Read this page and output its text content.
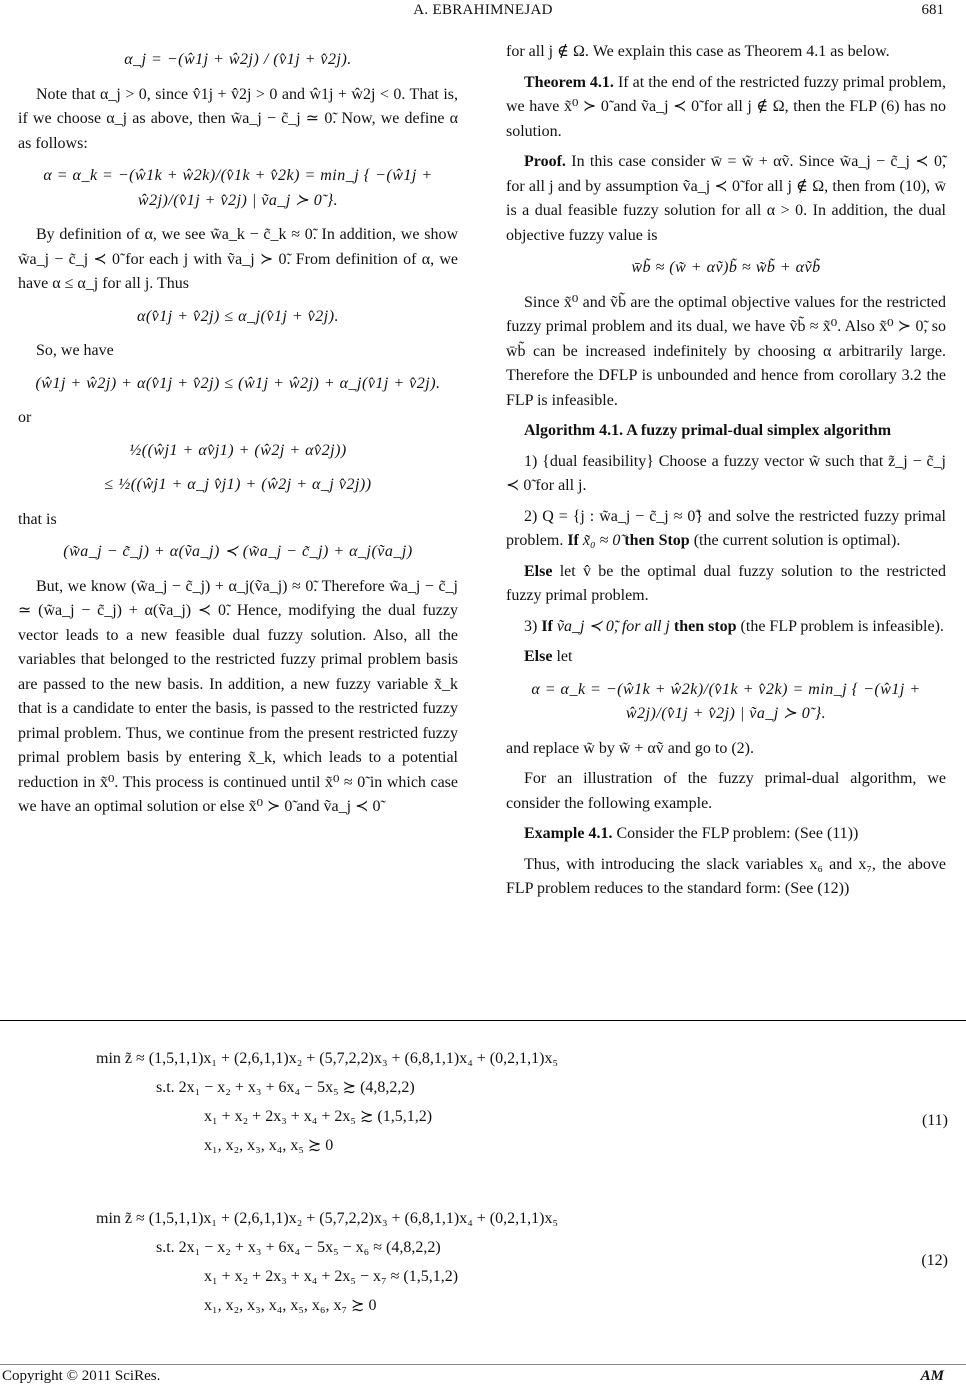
A. EBRAHIMNEJAD	681
α_j = −(ŵ1j + ŵ2j) / (v̂1j + v̂2j).

Note that α_j > 0, since v̂1j + v̂2j > 0 and ŵ1j + ŵ2j < 0. That is, if we choose α_j as above, then w̃a_j − c̃_j ≃ 0̃. Now, we define α as follows:

α = α_k = −(ŵ1k + ŵ2k)/(v̂1k + v̂2k) = min_j { −(ŵ1j + ŵ2j)/(v̂1j + v̂2j) | ṽa_j ≻ 0̃ }.

By definition of α, we see w̃a_k − c̃_k ≈ 0̃. In addition, we show w̃a_j − c̃_j ≺ 0̃ for each j with ṽa_j ≻ 0̃. From definition of α, we have α ≤ α_j for all j. Thus

α(v̂1j + v̂2j) ≤ α_j(v̂1j + v̂2j).

So, we have

(ŵ1j + ŵ2j) + α(v̂1j + v̂2j) ≤ (ŵ1j + ŵ2j) + α_j(v̂1j + v̂2j).

or

½((ŵj1 + αv̂j1) + (ŵ2j + αv̂2j))
≤ ½((ŵj1 + α_j v̂j1) + (ŵ2j + α_j v̂2j))

that is

(w̃a_j − c̃_j) + α(ṽa_j) ≺ (w̃a_j − c̃_j) + α_j(ṽa_j)

But, we know (w̃a_j − c̃_j) + α_j(ṽa_j) ≈ 0̃. Therefore w̃a_j − c̃_j ≃ (w̃a_j − c̃_j) + α(ṽa_j) ≺ 0̃. Hence, modifying the dual fuzzy vector leads to a new feasible dual fuzzy solution. Also, all the variables that belonged to the restricted fuzzy primal problem basis are passed to the new basis. In addition, a new fuzzy variable x̃_k that is a candidate to enter the basis, is passed to the restricted fuzzy primal problem. Thus, we continue from the present restricted fuzzy primal problem basis by entering x̃_k, which leads to a potential reduction in x̃⁰. This process is continued until x̃⁰ ≈ 0̃ in which case we have an optimal solution or else x̃⁰ ≻ 0̃ and ṽa_j ≺ 0̃

for all j ∉ Ω. We explain this case as Theorem 4.1 as below.

Theorem 4.1. If at the end of the restricted fuzzy primal problem, we have x̃⁰ ≻ 0̃ and ṽa_j ≺ 0̃ for all j ∉ Ω, then the FLP (6) has no solution.

Proof. In this case consider w̄ = w̃ + αṽ. Since w̃a_j − c̃_j ≺ 0̃, for all j and by assumption ṽa_j ≺ 0̃ for all j ∉ Ω, then from (10), w̄ is a dual feasible fuzzy solution for all α > 0. In addition, the dual objective fuzzy value is

w̄b̃ ≈ (w̃ + αṽ)b̃ ≈ w̃b̃ + αṽb̃

Since x̃⁰ and ṽb̃ are the optimal objective values for the restricted fuzzy primal problem and its dual, we have ṽb̃ ≈ x̃⁰. Also x̃⁰ ≻ 0̃, so w̄b̃ can be increased indefinitely by choosing α arbitrarily large. Therefore the DFLP is unbounded and hence from corollary 3.2 the FLP is infeasible.

Algorithm 4.1. A fuzzy primal-dual simplex algorithm

1) {dual feasibility} Choose a fuzzy vector w̃ such that z̃_j − c̃_j ≺ 0̃ for all j.

2) Q = {j : w̃a_j − c̃_j ≈ 0̃} and solve the restricted fuzzy primal problem. If x̃₀ ≈ 0̃ then Stop (the current solution is optimal).

Else let v̂ be the optimal dual fuzzy solution to the restricted fuzzy primal problem.

3) If ṽa_j ≺ 0̃, for all j then stop (the FLP problem is infeasible).

Else let

α = α_k = −(ŵ1k + ŵ2k)/(v̂1k + v̂2k) = min_j { −(ŵ1j + ŵ2j)/(v̂1j + v̂2j) | ṽa_j ≻ 0̃ }.

and replace w̃ by w̃ + αṽ and go to (2).

For an illustration of the fuzzy primal-dual algorithm, we consider the following example.

Example 4.1. Consider the FLP problem: (See (11))

Thus, with introducing the slack variables x₆ and x₇, the above FLP problem reduces to the standard form: (See (12))

min z̃ ≈ (1,5,1,1)x₁ + (2,6,1,1)x₂ + (5,7,2,2)x₃ + (6,8,1,1)x₄ + (0,2,1,1)x₅
s.t. 2x₁ − x₂ + x₃ + 6x₄ − 5x₅ ≿ (4,8,2,2)
x₁ + x₂ + 2x₃ + x₄ + 2x₅ ≿ (1,5,1,2)
x₁, x₂, x₃, x₄, x₅ ≿ 0
(11)
min z̃ ≈ (1,5,1,1)x₁ + (2,6,1,1)x₂ + (5,7,2,2)x₃ + (6,8,1,1)x₄ + (0,2,1,1)x₅
s.t. 2x₁ − x₂ + x₃ + 6x₄ − 5x₅ − x₆ ≈ (4,8,2,2)
x₁ + x₂ + 2x₃ + x₄ + 2x₅ − x₇ ≈ (1,5,1,2)
x₁, x₂, x₃, x₄, x₅, x₆, x₇ ≿ 0
(12)
Copyright © 2011 SciRes.	AM
